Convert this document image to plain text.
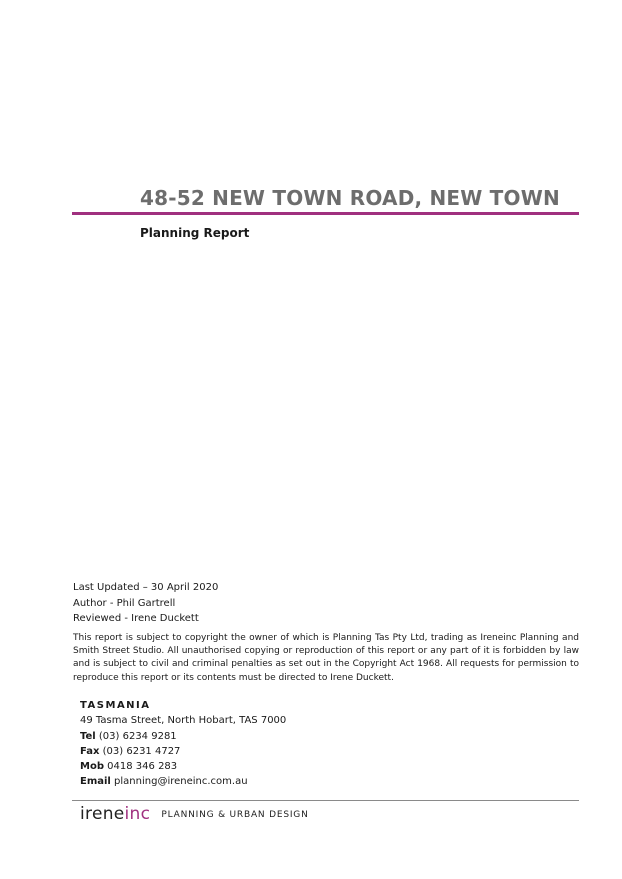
48-52 NEW TOWN ROAD, NEW TOWN
Planning Report
Last Updated – 30 April 2020
Author - Phil Gartrell
Reviewed - Irene Duckett
This report is subject to copyright the owner of which is Planning Tas Pty Ltd, trading as Ireneinc Planning and Smith Street Studio. All unauthorised copying or reproduction of this report or any part of it is forbidden by law and is subject to civil and criminal penalties as set out in the Copyright Act 1968. All requests for permission to reproduce this report or its contents must be directed to Irene Duckett.
TASMANIA
49 Tasma Street, North Hobart, TAS 7000
Tel (03) 6234 9281
Fax (03) 6231 4727
Mob 0418 346 283
Email planning@ireneinc.com.au
ireneinc PLANNING & URBAN DESIGN
